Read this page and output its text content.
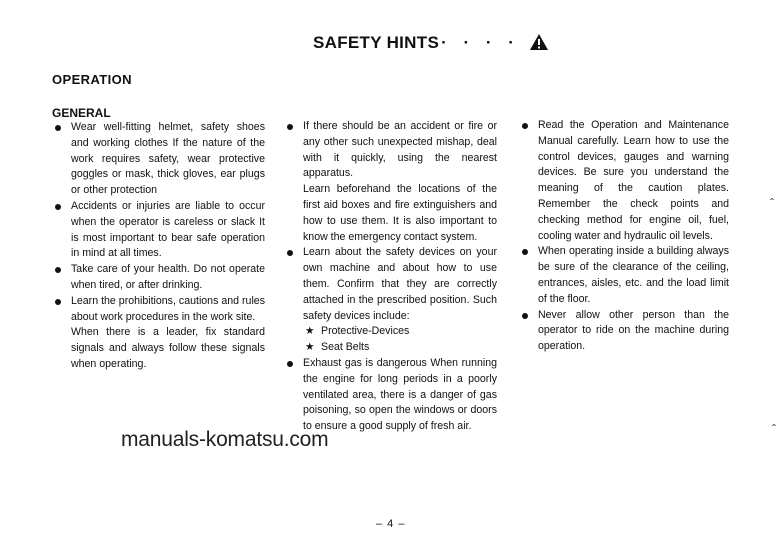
SAFETY HINTS · · · ·
OPERATION
GENERAL

Wear well-fitting helmet, safety shoes and working clothes If the nature of the work requires safety, wear protective goggles or mask, thick gloves, ear plugs or other protection

Accidents or injuries are liable to occur when the operator is careless or slack It is most important to bear safe operation in mind at all times.

Take care of your health. Do not operate when tired, or after drinking.

Learn the prohibitions, cautions and rules about work procedures in the work site.

When there is a leader, fix standard signals and always follow these signals when operating.

If there should be an accident or fire or any other such unexpected mishap, deal with it quickly, using the nearest apparatus.

Learn beforehand the locations of the first aid boxes and fire extinguishers and how to use them. It is also important to know the emergency contact system.

Learn about the safety devices on your own machine and about how to use them. Confirm that they are correctly attached in the prescribed position. Such safety devices include:

★ Protective-Devices
★ Seat Belts

Exhaust gas is dangerous When running the engine for long periods in a poorly ventilated area, there is a danger of gas poisoning, so open the windows or doors to ensure a good supply of fresh air.

Read the Operation and Maintenance Manual carefully. Learn how to use the control devices, gauges and warning devices. Be sure you understand the meaning of the caution plates. Remember the check points and checking method for engine oil, fuel, cooling water and hydraulic oil levels.

When operating inside a building always be sure of the clearance of the ceiling, entrances, aisles, etc. and the load limit of the floor.

Never allow other person than the operator to ride on the machine during operation.

manuals-komatsu.com
– 4 –
ˆ
ˆ
